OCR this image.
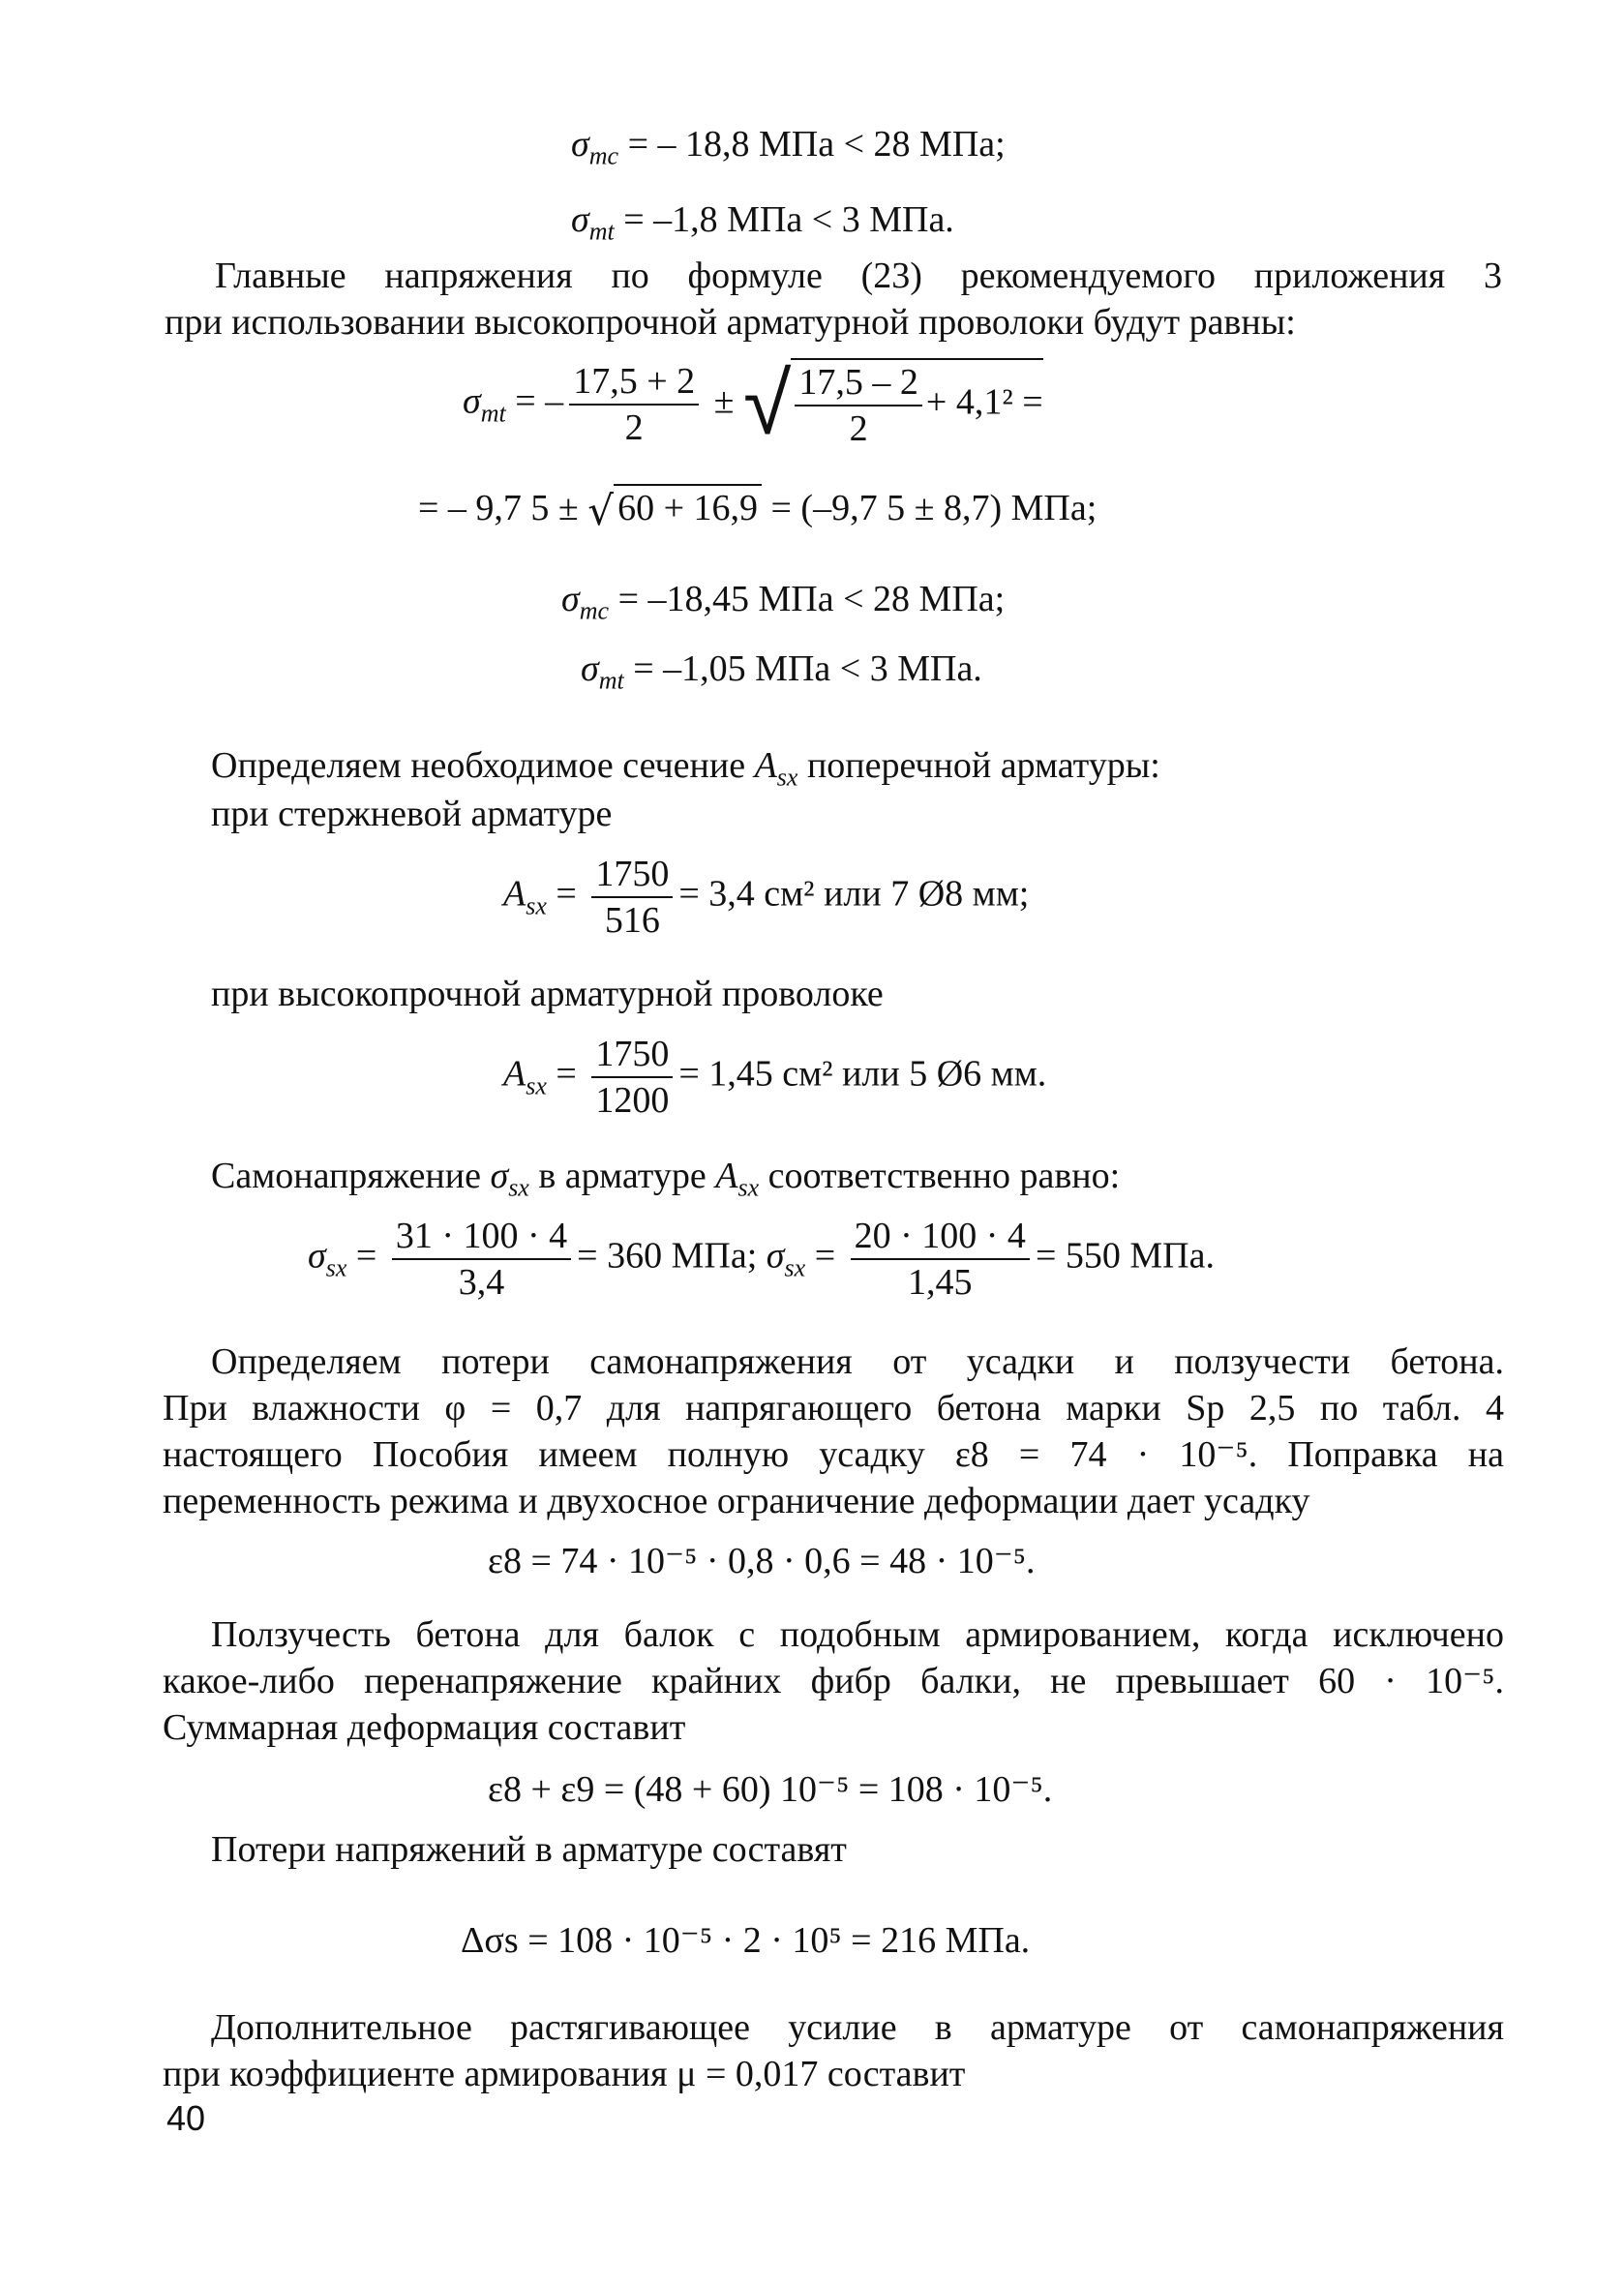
$\sigma_{mc}$ = – 18,8 МПа < 28 МПа;
$\sigma_{mt} = -1,8$ МПа < 3 МПа.
Главные напряжения по формуле (23) рекомендуемого приложения 3
при использовании высокопрочной арматурной проволоки будут равны:
$\sigma_{mt}$ = – $\frac{17,5 + 2}{2}$ ± √ $\frac{17,5 - 2}{2} + 4,1^2$ =
= – 9,7 5 ± √ 60 + 16,9 = (–9,7 5 ± 8,7) МПа;
$\sigma_{mc} = -18,45$ МПа < 28 МПа;
$\sigma_{mt} = -1,05$ МПа < 3 МПа.
Определяем необходимое сечение $A_{sx}$ поперечной арматуры:
при стержневой арматуре
$A_{sx} = \frac{1750}{516} = 3,4$ см² или 7 Ø8 мм;
при высокопрочной арматурной проволоке
$A_{sx} = \frac{1750}{1200} = 1,45$ см² или 5 Ø6 мм.
Самонапряжение $\sigma_{sx}$ в арматуре $A_{sx}$ соответственно равно:
$\sigma_{sx} = \frac{31 \cdot 100 \cdot 4}{3,4} = 360$ МПа; $\sigma_{sx} = \frac{20 \cdot 100 \cdot 4}{1,45} = 550$ МПа.
Определяем потери самонапряжения от усадки и ползучести бетона.
При влажности φ = 0,7 для напрягающего бетона марки Sp 2,5 по табл. 4
настоящего Пособия имеем полную усадку ε8 = 74 · 10⁻⁵. Поправка на
переменность режима и двухосное ограничение деформации дает усадку
ε8 = 74 · 10⁻⁵ · 0,8 · 0,6 = 48 · 10⁻⁵.
Ползучесть бетона для балок с подобным армированием, когда исключено
какое-либо перенапряжение крайних фибр балки, не превышает 60 · 10⁻⁵.
Суммарная деформация составит
ε8 + ε9 = (48 + 60) 10⁻⁵ = 108 · 10⁻⁵.
Потери напряжений в арматуре составят
Δσs = 108 · 10⁻⁵ · 2 · 10⁵ = 216 МПа.
Дополнительное растягивающее усилие в арматуре от самонапряжения
при коэффициенте армирования μ = 0,017 составит
40
